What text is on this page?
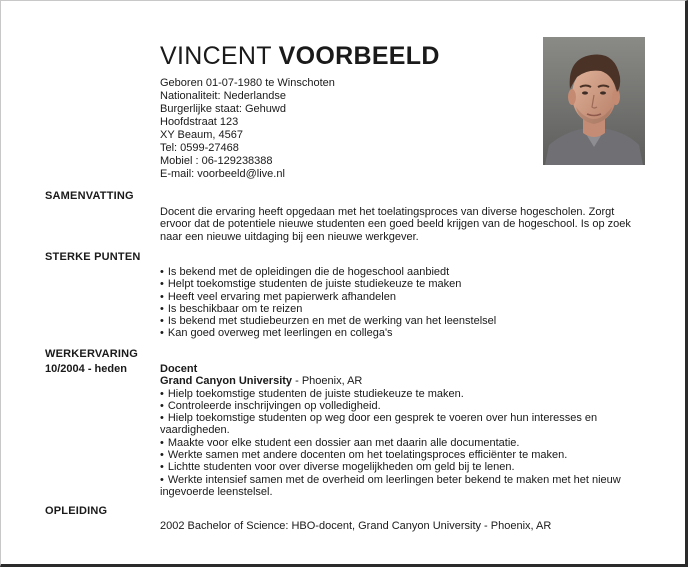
VINCENT VOORBEELD
Geboren 01-07-1980 te Winschoten
Nationaliteit: Nederlandse
Burgerlijke staat: Gehuwd
Hoofdstraat 123
XY Beaum, 4567
Tel: 0599-27468
Mobiel : 06-129238388
E-mail: voorbeeld@live.nl
SAMENVATTING
Docent die ervaring heeft opgedaan met het toelatingsproces van diverse hogescholen. Zorgt ervoor dat de potentiele nieuwe studenten een goed beeld krijgen van de hogeschool. Is op zoek naar een nieuwe uitdaging bij een nieuwe werkgever.
STERKE PUNTEN
• Is bekend met de opleidingen die de hogeschool aanbiedt
• Helpt toekomstige studenten de juiste studiekeuze te maken
• Heeft veel ervaring met papierwerk afhandelen
• Is beschikbaar om te reizen
• Is bekend met studiebeurzen en met de werking van het leenstelsel
• Kan goed overweg met leerlingen en collega's
WERKERVARING
10/2004 - heden	Docent
Grand Canyon University - Phoenix, AR
• Hielp toekomstige studenten de juiste studiekeuze te maken.
• Controleerde inschrijvingen op volledigheid.
• Hielp toekomstige studenten op weg door een gesprek te voeren over hun interesses en vaardigheden.
• Maakte voor elke student een dossier aan met daarin alle documentatie.
• Werkte samen met andere docenten om het toelatingsproces efficiënter te maken.
• Lichtte studenten voor over diverse mogelijkheden om geld bij te lenen.
• Werkte intensief samen met de overheid om leerlingen beter bekend te maken met het nieuw ingevoerde leenstelsel.
OPLEIDING
2002 Bachelor of Science: HBO-docent, Grand Canyon University - Phoenix, AR
